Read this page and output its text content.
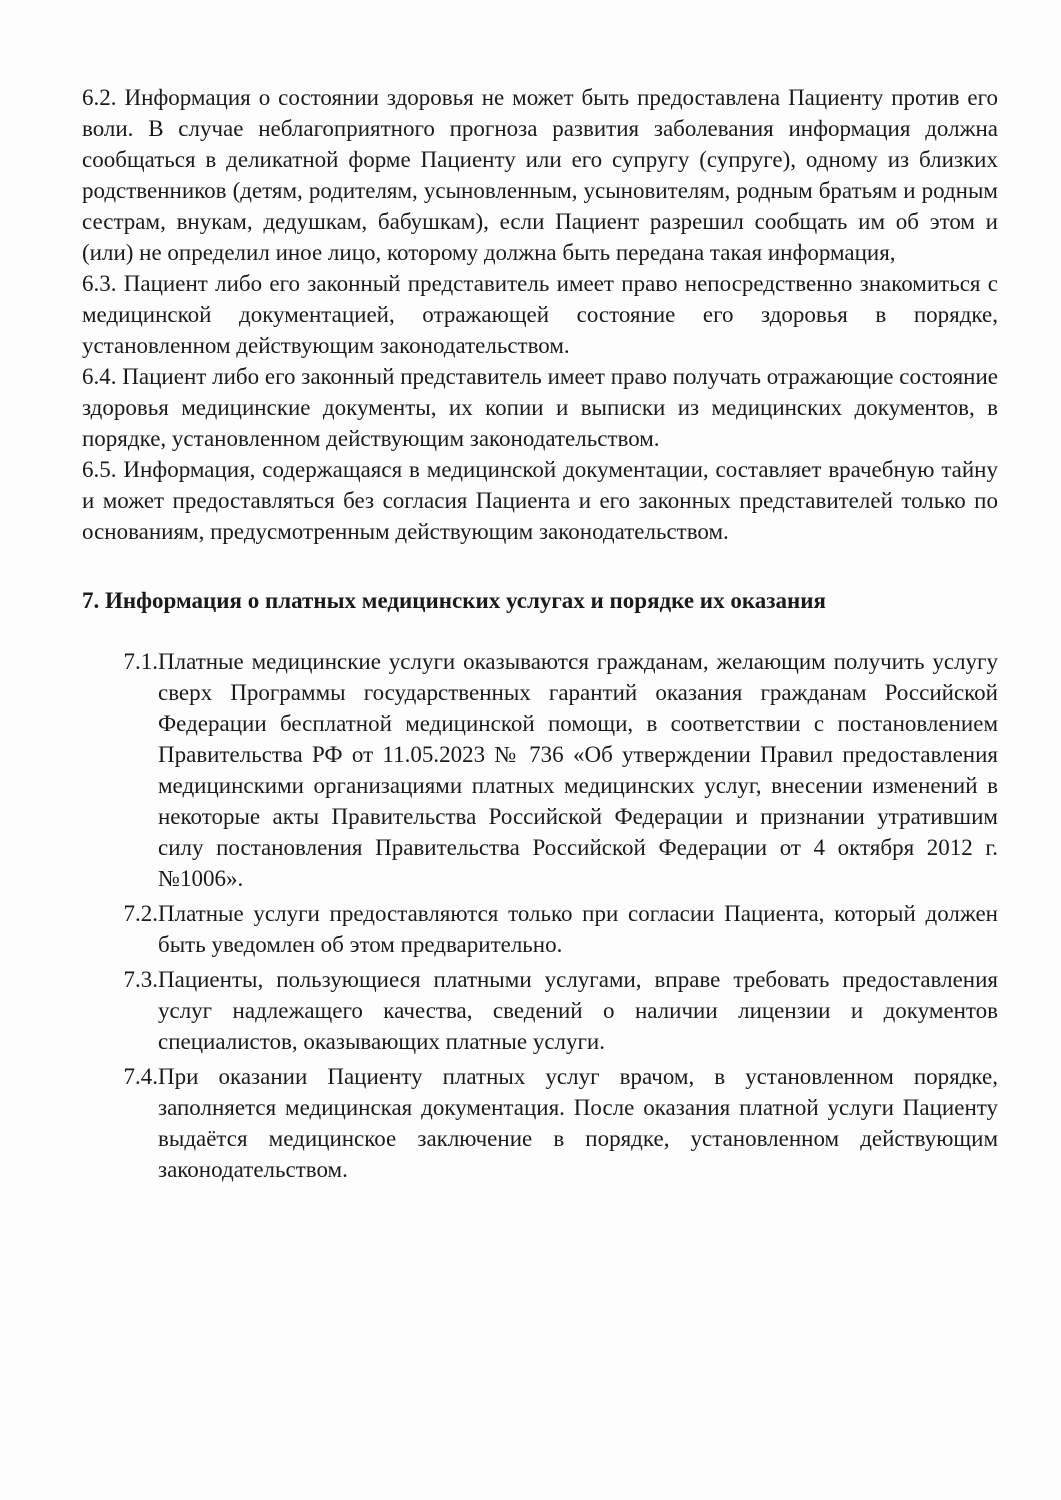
6.2. Информация о состоянии здоровья не может быть предоставлена Пациенту против его воли. В случае неблагоприятного прогноза развития заболевания информация должна сообщаться в деликатной форме Пациенту или его супругу (супруге), одному из близких родственников (детям, родителям, усыновленным, усыновителям, родным братьям и родным сестрам, внукам, дедушкам, бабушкам), если Пациент разрешил сообщать им об этом и (или) не определил иное лицо, которому должна быть передана такая информация,

6.3. Пациент либо его законный представитель имеет право непосредственно знакомиться с медицинской документацией, отражающей состояние его здоровья в порядке, установленном действующим законодательством.

6.4. Пациент либо его законный представитель имеет право получать отражающие состояние здоровья медицинские документы, их копии и выписки из медицинских документов, в порядке, установленном действующим законодательством.

6.5. Информация, содержащаяся в медицинской документации, составляет врачебную тайну и может предоставляться без согласия Пациента и его законных представителей только по основаниям, предусмотренным действующим законодательством.

7. Информация о платных медицинских услугах и порядке их оказания
7.1. Платные медицинские услуги оказываются гражданам, желающим получить услугу сверх Программы государственных гарантий оказания гражданам Российской Федерации бесплатной медицинской помощи, в соответствии с постановлением Правительства РФ от 11.05.2023 № 736 «Об утверждении Правил предоставления медицинскими организациями платных медицинских услуг, внесении изменений в некоторые акты Правительства Российской Федерации и признании утратившим силу постановления Правительства Российской Федерации от 4 октября 2012 г. №1006».
7.2. Платные услуги предоставляются только при согласии Пациента, который должен быть уведомлен об этом предварительно.
7.3. Пациенты, пользующиеся платными услугами, вправе требовать предоставления услуг надлежащего качества, сведений о наличии лицензии и документов специалистов, оказывающих платные услуги.
7.4. При оказании Пациенту платных услуг врачом, в установленном порядке, заполняется медицинская документация. После оказания платной услуги Пациенту выдаётся медицинское заключение в порядке, установленном действующим законодательством.
